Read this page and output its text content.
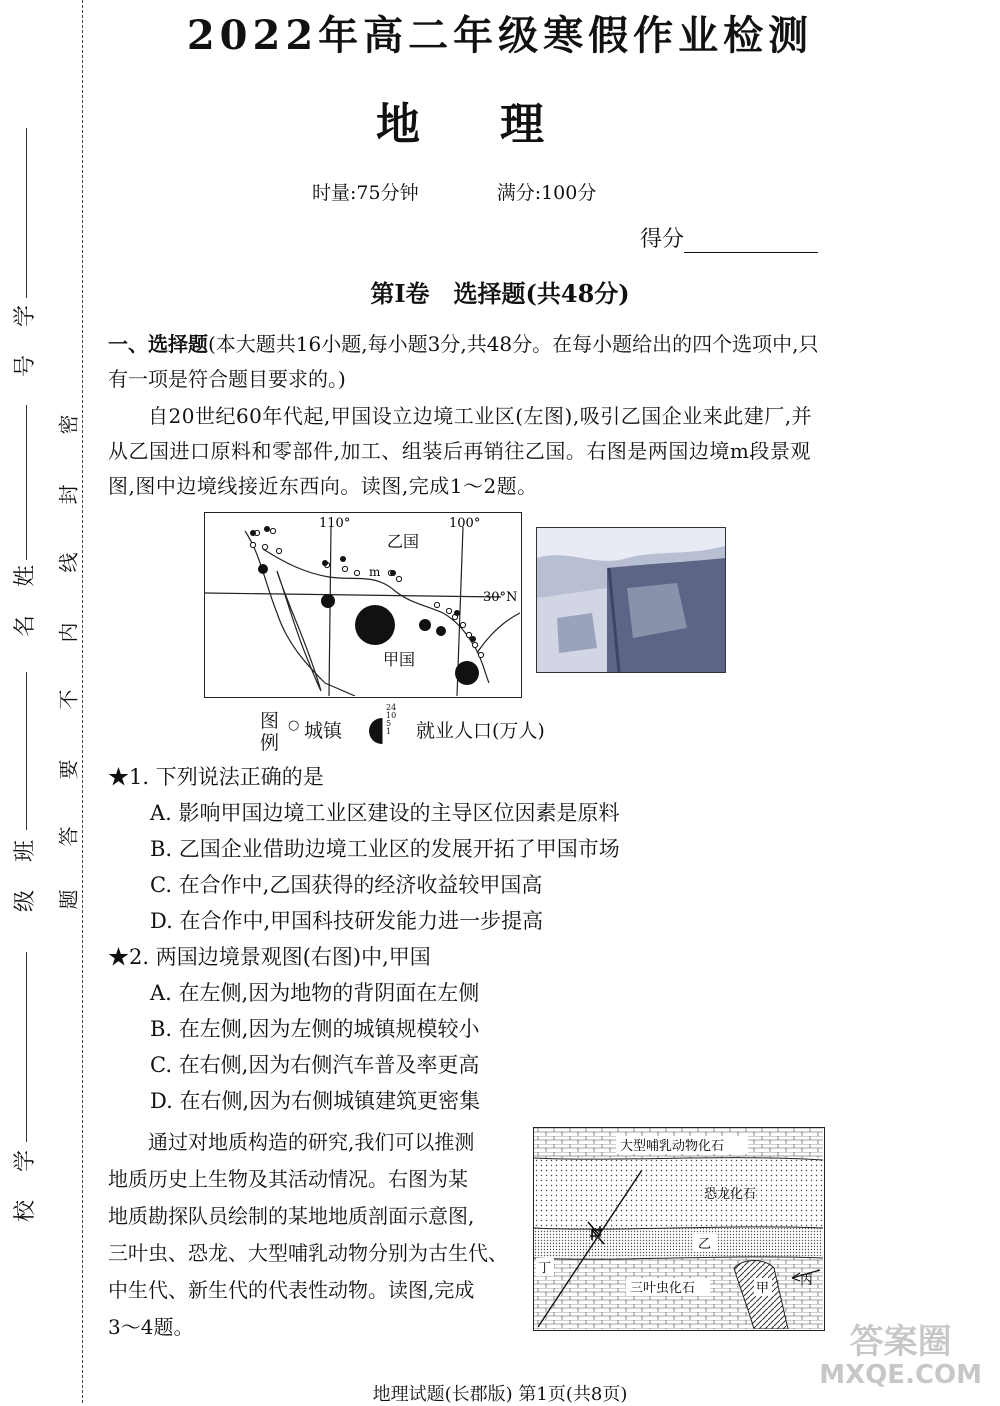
学
号
姓
名
班
级
学
校
密
封
线
内
不
要
答
题
2022年高二年级寒假作业检测
地理
时量:75分钟	满分:100分
得分
第Ⅰ卷　选择题(共48分)
一、选择题(本大题共16小题,每小题3分,共48分。在每小题给出的四个选项中,只有一项是符合题目要求的。)
自20世纪60年代起,甲国设立边境工业区(左图),吸引乙国企业来此建厂,并从乙国进口原料和零部件,加工、组装后再销往乙国。右图是两国边境m段景观图,图中边境线接近东西向。读图,完成1～2题。
110°	100°
30°N
乙国
甲国
m
图
例
○ 城镇
24
10
5
1 就业人口(万人)
★1. 下列说法正确的是
A. 影响甲国边境工业区建设的主导区位因素是原料
B. 乙国企业借助边境工业区的发展开拓了甲国市场
C. 在合作中,乙国获得的经济收益较甲国高
D. 在合作中,甲国科技研发能力进一步提高
★2. 两国边境景观图(右图)中,甲国
A. 在左侧,因为地物的背阴面在左侧
B. 在左侧,因为左侧的城镇规模较小
C. 在右侧,因为右侧汽车普及率更高
D. 在右侧,因为右侧城镇建筑更密集
　　通过对地质构造的研究,我们可以推测
地质历史上生物及其活动情况。右图为某
地质勘探队员绘制的某地地质剖面示意图,
三叶虫、恐龙、大型哺乳动物分别为古生代、
中生代、新生代的代表性动物。读图,完成
3～4题。
大型哺乳动物化石
恐龙化石
乙
丁
丙
三叶虫化石	甲
地理试题(长郡版) 第1页(共8页)
答案圈
MXQE.COM
